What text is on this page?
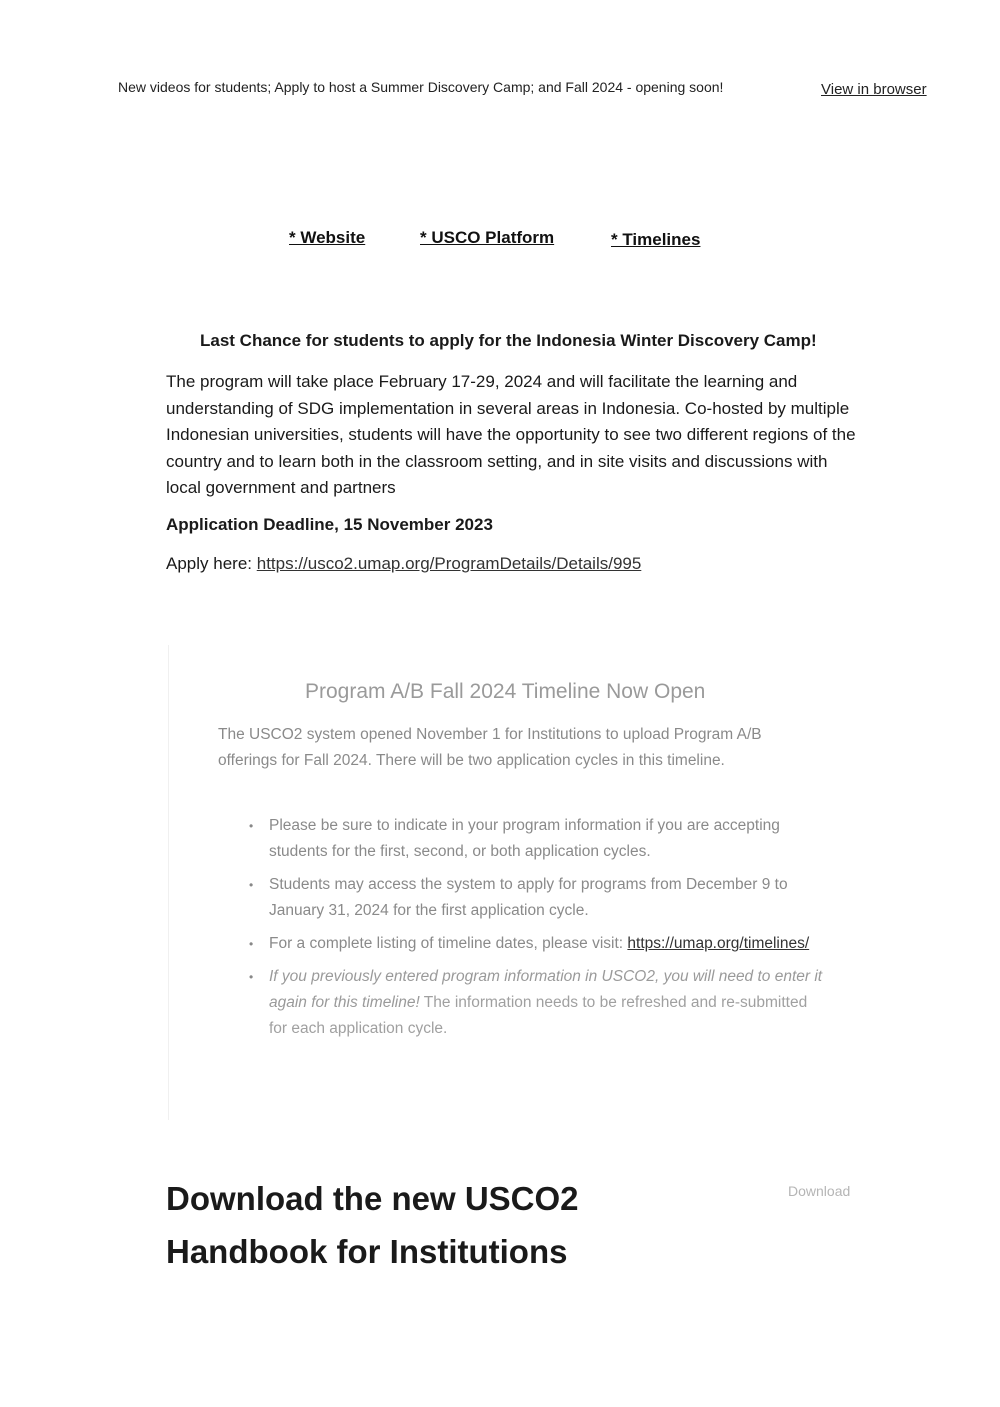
New videos for students; Apply to host a Summer Discovery Camp; and Fall 2024 - opening soon!	View in browser
* Website	* USCO Platform	* Timelines
Last Chance for students to apply for the Indonesia Winter Discovery Camp!

The program will take place February 17-29, 2024 and will facilitate the learning and understanding of SDG implementation in several areas in Indonesia. Co-hosted by multiple Indonesian universities, students will have the opportunity to see two different regions of the country and to learn both in the classroom setting, and in site visits and discussions with local government and partners

Application Deadline, 15 November 2023
Apply here: https://usco2.umap.org/ProgramDetails/Details/995
Program A/B Fall 2024 Timeline Now Open

The USCO2 system opened November 1 for Institutions to upload Program A/B offerings for Fall 2024. There will be two application cycles in this timeline.

• Please be sure to indicate in your program information if you are accepting students for the first, second, or both application cycles.
• Students may access the system to apply for programs from December 9 to January 31, 2024 for the first application cycle.
• For a complete listing of timeline dates, please visit: https://umap.org/timelines/
• If you previously entered program information in USCO2, you will need to enter it again for this timeline! The information needs to be refreshed and re-submitted for each application cycle.
Download the new USCO2 Handbook for Institutions
Download
